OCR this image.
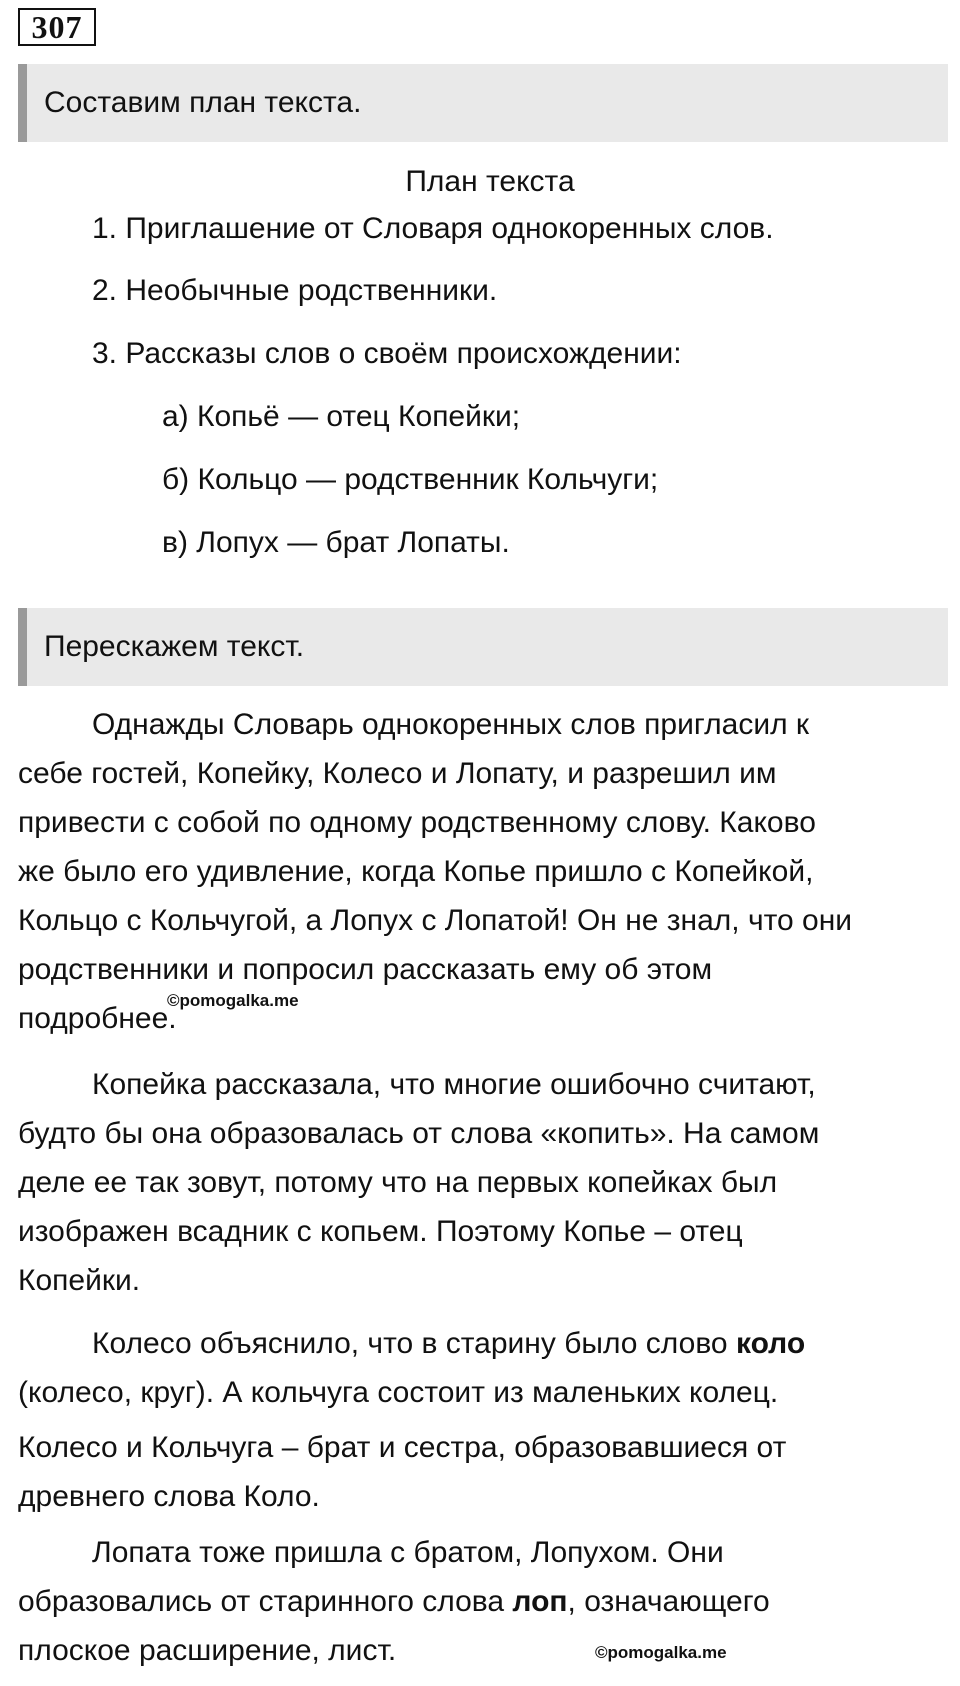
307
Составим план текста.
План текста
1. Приглашение от Словаря однокоренных слов.
2. Необычные родственники.
3. Рассказы слов о своём происхождении:
а) Копьё — отец Копейки;
б) Кольцо — родственник Кольчуги;
в) Лопух — брат Лопаты.
Перескажем текст.
Однажды Словарь однокоренных слов пригласил к
себе гостей, Копейку, Колесо и Лопату, и разрешил им
привести с собой по одному родственному слову. Каково
же было его удивление, когда Копье пришло с Копейкой,
Кольцо с Кольчугой, а Лопух с Лопатой! Он не знал, что они
родственники и попросил рассказать ему об этом
подробнее.
©pomogalka.me
Копейка рассказала, что многие ошибочно считают,
будто бы она образовалась от слова «копить». На самом
деле ее так зовут, потому что на первых копейках был
изображен всадник с копьем. Поэтому Копье – отец
Копейки.
Колесо объяснило, что в старину было слово коло
(колесо, круг). А кольчуга состоит из маленьких колец.
Колесо и Кольчуга – брат и сестра, образовавшиеся от
древнего слова Коло.
Лопата тоже пришла с братом, Лопухом. Они
образовались от старинного слова лоп, означающего
плоское расширение, лист.	©pomogalka.me
